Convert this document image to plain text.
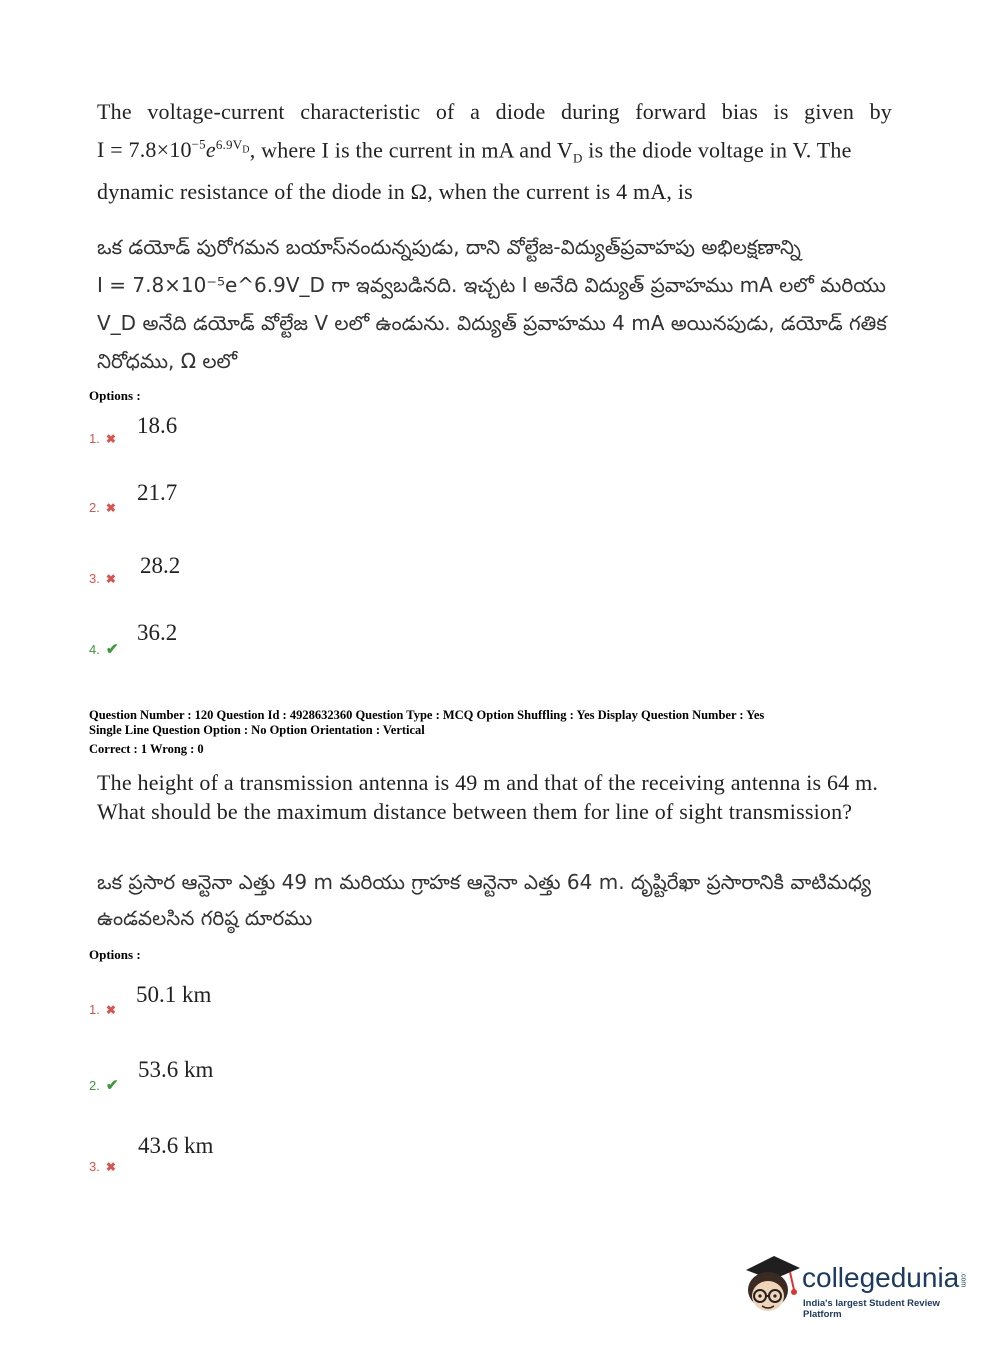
The voltage-current characteristic of a diode during forward bias is given by
$I = 7.8\times 10^{-5}e^{6.9V_D}$, where I is the current in mA and $V_D$ is the diode voltage in V. The
dynamic resistance of the diode in Ω, when the current is 4 mA, is
ఒక డయోడ్ పురోగమన బయాస్‌నందున్నపుడు, దాని వోల్టేజ-విద్యుత్‌ప్రవాహపు అభిలక్షణాన్ని
I = 7.8×10⁻⁵e^6.9V_D గా ఇవ్వబడినది. ఇచ్చట I అనేది విద్యుత్ ప్రవాహము mA లలో మరియు
V_D అనేది డయోడ్ వోల్టేజ V లలో ఉండును. విద్యుత్ ప్రవాహము 4 mA అయినపుడు, డయోడ్ గతిక
నిరోధము, Ω లలో
Options :
1. ✖
18.6
2. ✖
21.7
3. ✖
28.2
4. ✔
36.2
Question Number : 120 Question Id : 4928632360 Question Type : MCQ Option Shuffling : Yes Display Question Number : Yes
Single Line Question Option : No Option Orientation : Vertical
Correct : 1 Wrong : 0
The height of a transmission antenna is 49 m and that of the receiving antenna is 64 m.
What should be the maximum distance between them for line of sight transmission?
ఒక ప్రసార ఆన్టెనా ఎత్తు 49 m మరియు గ్రాహక ఆన్టెనా ఎత్తు 64 m. దృష్టిరేఖా ప్రసారానికి వాటిమధ్య
ఉండవలసిన గరిష్ఠ దూరము
Options :
1. ✖
50.1 km
2. ✔
53.6 km
3. ✖
43.6 km
collegedunia.com
India's largest Student Review Platform
